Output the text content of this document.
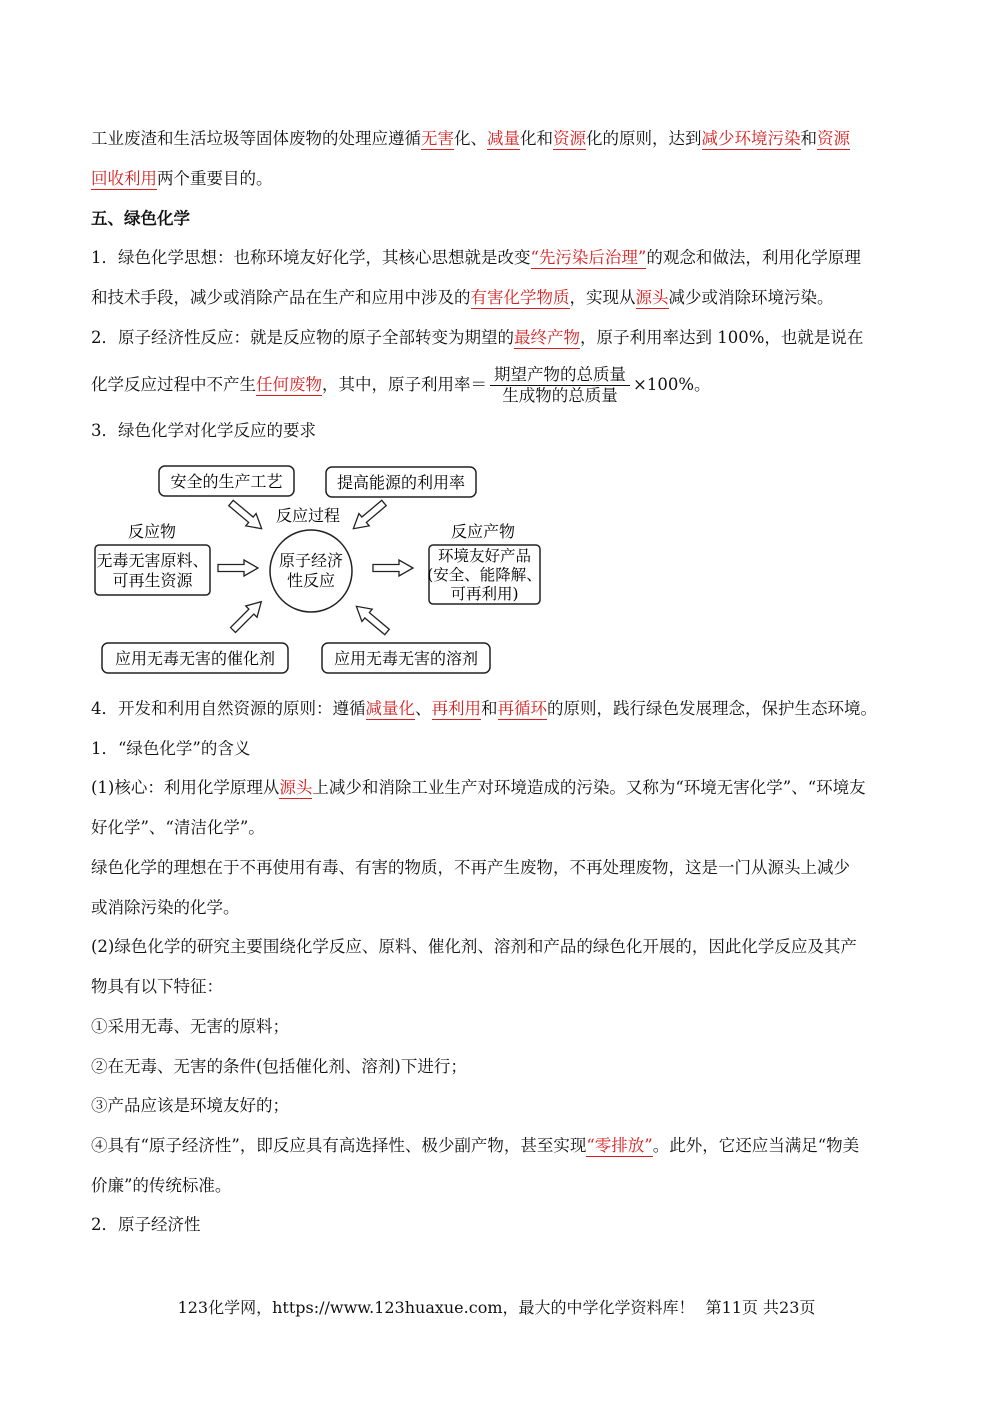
工业废渣和生活垃圾等固体废物的处理应遵循无害化、减量化和资源化的原则，达到减少环境污染和资源
回收利用两个重要目的。
五、绿色化学
1．绿色化学思想：也称环境友好化学，其核心思想就是改变“先污染后治理”的观念和做法，利用化学原理
和技术手段，减少或消除产品在生产和应用中涉及的有害化学物质，实现从源头减少或消除环境污染。
2．原子经济性反应：就是反应物的原子全部转变为期望的最终产物，原子利用率达到 100%，也就是说在
化学反应过程中不产生任何废物，其中，原子利用率＝ $\frac{\text{期望产物的总质量}}{\text{生成物的总质量}} \times 100\%$。
3．绿色化学对化学反应的要求
安全的生产工艺	提高能源的利用率
反应过程
反应物
无毒无害原料、
可再生资源
原子经济
性反应
反应产物
应用无毒无害的催化剂	应用无毒无害的溶剂
环境友好产品
(安全、能降解、
可再利用)
4．开发和利用自然资源的原则：遵循减量化、再利用和再循环的原则，践行绿色发展理念，保护生态环境。
1．“绿色化学”的含义
(1)核心：利用化学原理从源头上减少和消除工业生产对环境造成的污染。又称为“环境无害化学”、“环境友
好化学”、“清洁化学”。
绿色化学的理想在于不再使用有毒、有害的物质，不再产生废物，不再处理废物，这是一门从源头上减少
或消除污染的化学。
(2)绿色化学的研究主要围绕化学反应、原料、催化剂、溶剂和产品的绿色化开展的，因此化学反应及其产
物具有以下特征：
①采用无毒、无害的原料；
②在无毒、无害的条件(包括催化剂、溶剂)下进行；
③产品应该是环境友好的；
④具有“原子经济性”，即反应具有高选择性、极少副产物，甚至实现“零排放”。此外，它还应当满足“物美
价廉”的传统标准。
2．原子经济性
123化学网，https://www.123huaxue.com，最大的中学化学资料库！ 第11页 共23页
